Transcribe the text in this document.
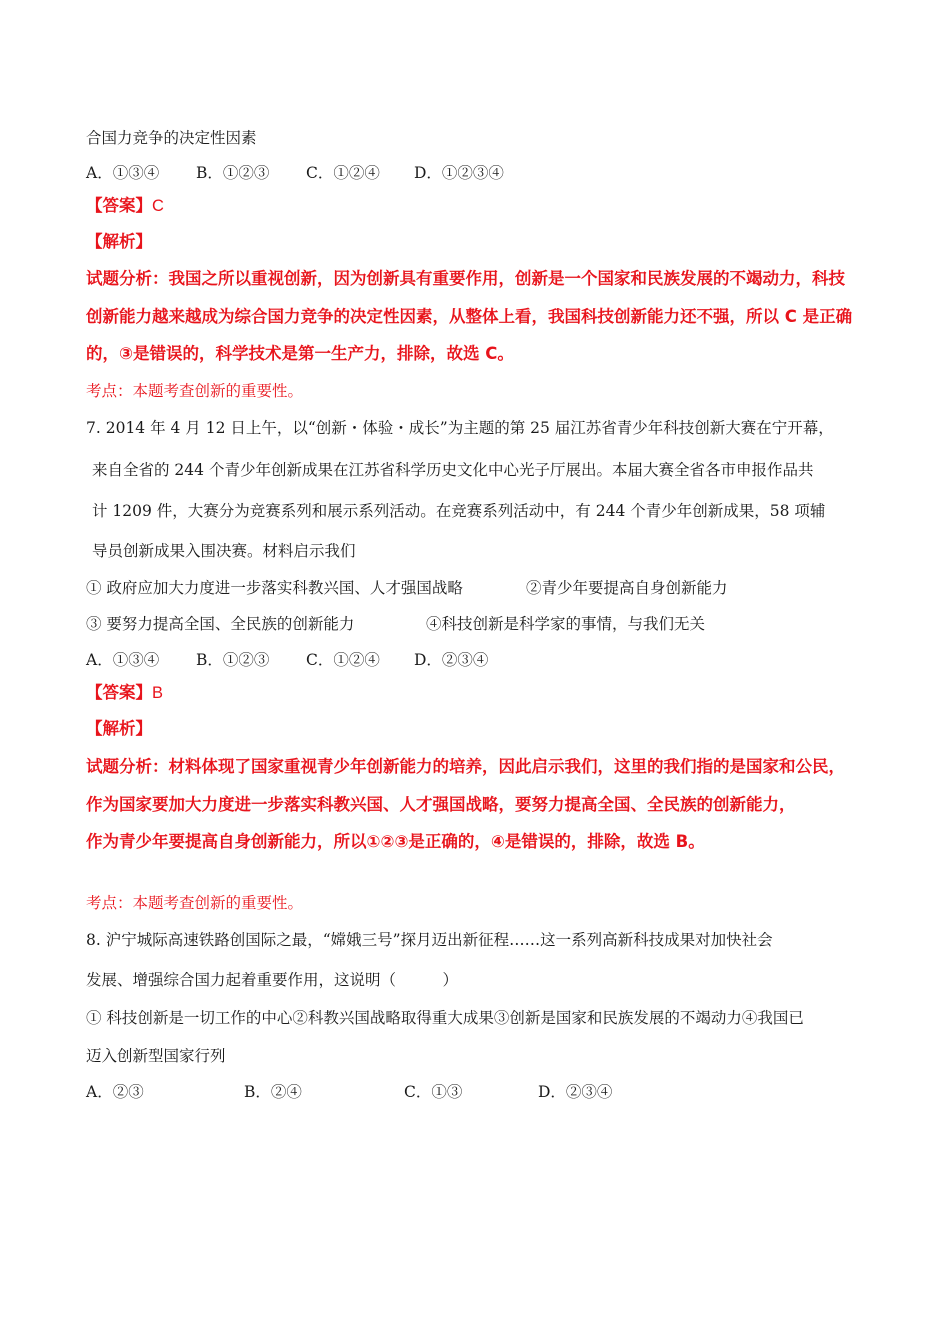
合国力竞争的决定性因素
A．①③④ B．①②③ C．①②④ D．①②③④
【答案】C
【解析】
试题分析：我国之所以重视创新，因为创新具有重要作用，创新是一个国家和民族发展的不竭动力，科技
创新能力越来越成为综合国力竞争的决定性因素，从整体上看，我国科技创新能力还不强，所以 C 是正确
的，③是错误的，科学技术是第一生产力，排除，故选 C。
考点：本题考查创新的重要性。
7. 2014 年 4 月 12 日上午，以“创新・体验・成长”为主题的第 25 届江苏省青少年科技创新大赛在宁开幕，
来自全省的 244 个青少年创新成果在江苏省科学历史文化中心光子厅展出。本届大赛全省各市申报作品共
计 1209 件，大赛分为竞赛系列和展示系列活动。在竞赛系列活动中，有 244 个青少年创新成果，58 项辅
导员创新成果入围决赛。材料启示我们
① 政府应加大力度进一步落实科教兴国、人才强国战略	②青少年要提高自身创新能力
③ 要努力提高全国、全民族的创新能力	④科技创新是科学家的事情，与我们无关
A．①③④ B．①②③ C．①②④ D．②③④
【答案】B
【解析】
试题分析：材料体现了国家重视青少年创新能力的培养，因此启示我们，这里的我们指的是国家和公民，
作为国家要加大力度进一步落实科教兴国、人才强国战略，要努力提高全国、全民族的创新能力，
作为青少年要提高自身创新能力，所以①②③是正确的，④是错误的，排除，故选 B。
考点：本题考查创新的重要性。
8. 沪宁城际高速铁路创国际之最，“嫦娥三号”探月迈出新征程……这一系列高新科技成果对加快社会
发展、增强综合国力起着重要作用，这说明（　　　）
① 科技创新是一切工作的中心②科教兴国战略取得重大成果③创新是国家和民族发展的不竭动力④我国已
迈入创新型国家行列
A．②③	B．②④	C．①③	D．②③④
